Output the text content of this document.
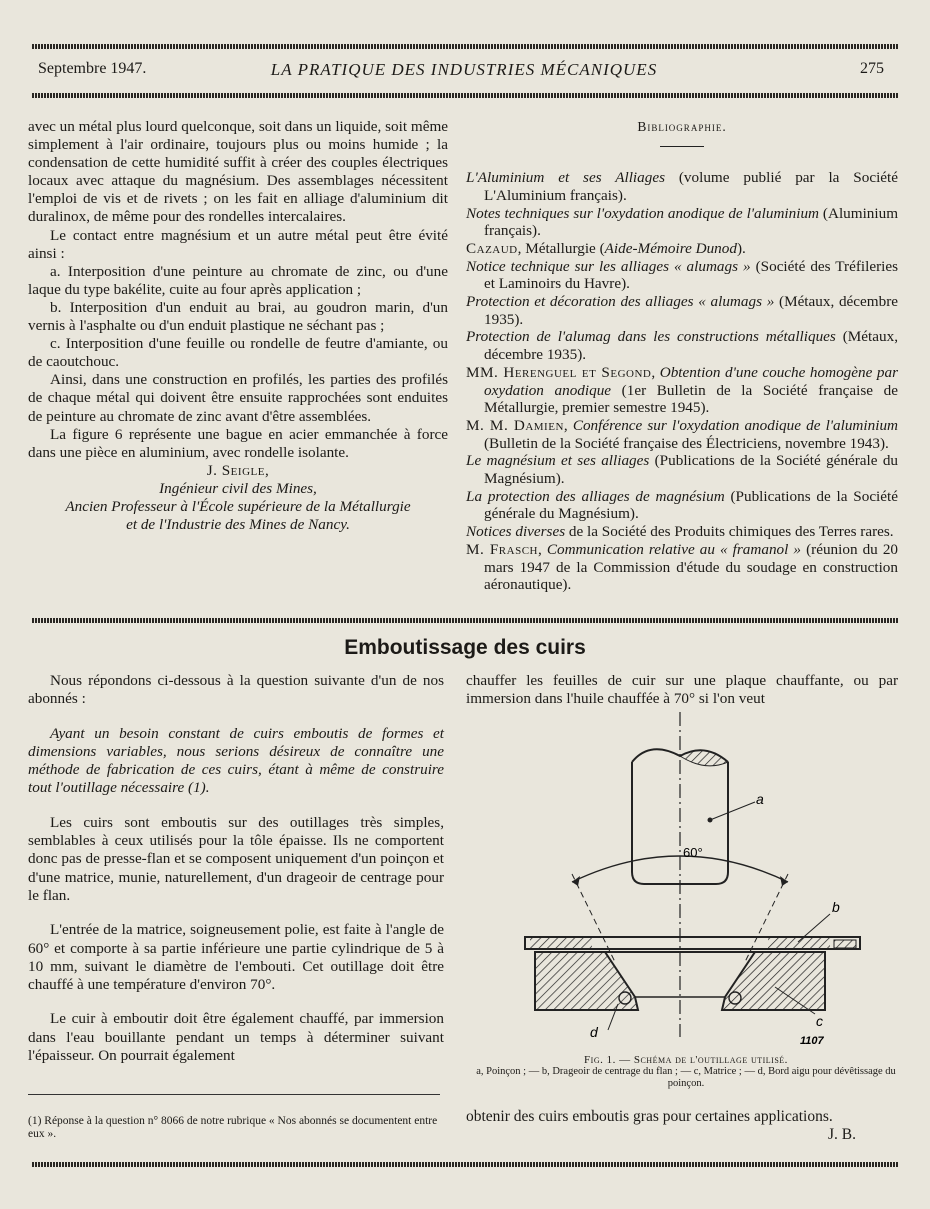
Septembre 1947.	LA PRATIQUE DES INDUSTRIES MÉCANIQUES	275

avec un métal plus lourd quelconque, soit dans un liquide, soit même simplement à l'air ordinaire, toujours plus ou moins humide ; la condensation de cette humidité suffit à créer des couples électriques locaux avec attaque du magnésium. Des assemblages nécessitent l'emploi de vis et de rivets ; on les fait en alliage d'aluminium dit duralinox, de même pour des rondelles intercalaires.

Le contact entre magnésium et un autre métal peut être évité ainsi :

a. Interposition d'une peinture au chromate de zinc, ou d'une laque du type bakélite, cuite au four après application ;

b. Interposition d'un enduit au brai, au goudron marin, d'un vernis à l'asphalte ou d'un enduit plastique ne séchant pas ;

c. Interposition d'une feuille ou rondelle de feutre d'amiante, ou de caoutchouc.

Ainsi, dans une construction en profilés, les parties des profilés de chaque métal qui doivent être ensuite rapprochées sont enduites de peinture au chromate de zinc avant d'être assemblées.

La figure 6 représente une bague en acier emmanchée à force dans une pièce en aluminium, avec rondelle isolante.

J. Seigle,
Ingénieur civil des Mines,
Ancien Professeur à l'École supérieure de la Métallurgie
et de l'Industrie des Mines de Nancy.
Bibliographie.

L'Aluminium et ses Alliages (volume publié par la Société L'Aluminium français).

Notes techniques sur l'oxydation anodique de l'aluminium (Aluminium français).

Cazaud, Métallurgie (Aide-Mémoire Dunod).

Notice technique sur les alliages « alumags » (Société des Tréfileries et Laminoirs du Havre).

Protection et décoration des alliages « alumags » (Métaux, décembre 1935).

Protection de l'alumag dans les constructions métalliques (Métaux, décembre 1935).

MM. Herenguel et Segond, Obtention d'une couche homogène par oxydation anodique (1er Bulletin de la Société française de Métallurgie, premier semestre 1945).

M. M. Damien, Conférence sur l'oxydation anodique de l'aluminium (Bulletin de la Société française des Électriciens, novembre 1943).

Le magnésium et ses alliages (Publications de la Société générale du Magnésium).

La protection des alliages de magnésium (Publications de la Société générale du Magnésium).

Notices diverses de la Société des Produits chimiques des Terres rares.

M. Frasch, Communication relative au « framanol » (réunion du 20 mars 1947 de la Commission d'étude du soudage en construction aéronautique).

Emboutissage des cuirs

Nous répondons ci-dessous à la question suivante d'un de nos abonnés :

Ayant un besoin constant de cuirs emboutis de formes et dimensions variables, nous serions désireux de connaître une méthode de fabrication de ces cuirs, étant à même de construire tout l'outillage nécessaire (1).

Les cuirs sont emboutis sur des outillages très simples, semblables à ceux utilisés pour la tôle épaisse. Ils ne comportent donc pas de presse-flan et se composent uniquement d'un poinçon et d'une matrice, munie, naturellement, d'un drageoir de centrage pour le flan.

L'entrée de la matrice, soigneusement polie, est faite à l'angle de 60° et comporte à sa partie inférieure une partie cylindrique de 5 à 10 mm, suivant le diamètre de l'embouti. Cet outillage doit être chauffé à une température d'environ 70°.

Le cuir à emboutir doit être également chauffé, par immersion dans l'eau bouillante pendant un temps à déterminer suivant l'épaisseur. On pourrait également

(1) Réponse à la question n° 8066 de notre rubrique « Nos abonnés se documentent entre eux ».

chauffer les feuilles de cuir sur une plaque chauffante, ou par immersion dans l'huile chauffée à 70° si l'on veut

a
b
c
d
60°
1107
Fig. 1. — Schéma de l'outillage utilisé.
a, Poinçon ; — b, Drageoir de centrage du flan ; — c, Matrice ; — d, Bord aigu pour dévêtissage du poinçon.
obtenir des cuirs emboutis gras pour certaines applications.
J. B.
